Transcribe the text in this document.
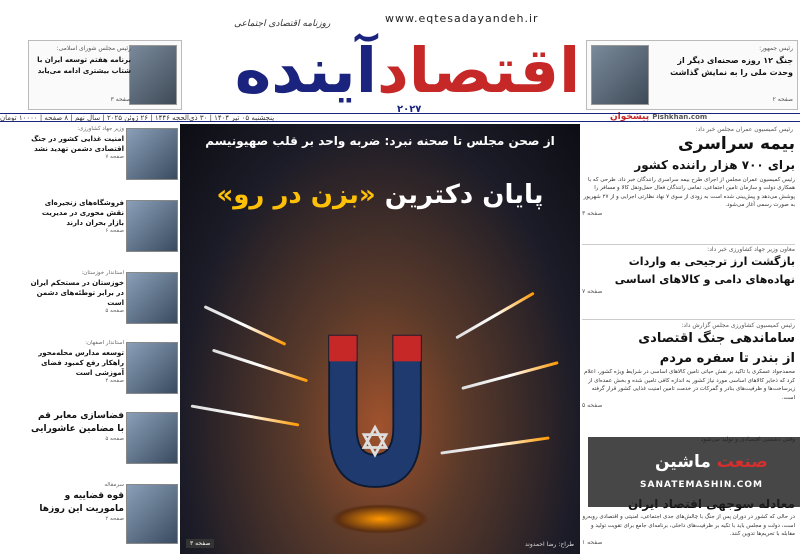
www.eqtesadayandeh.ir
روزنامه اقتصادی اجتماعی
آینده اقتصاد
۲۰۲۷
پیشخوان Pishkhan.com
پنجشنبه ۰۵ تیر ۱۴۰۴ | ۳۰ ذی‌الحجه ۱۴۴۶ | ۲۶ ژوئن ۲۰۲۵ | سال نهم | ۸ صفحه | ۱۰۰۰۰ تومان
رئیس جمهور:
جنگ ۱۲ روزه صحنه‌ای دیگر از وحدت ملی را به نمایش گذاشت
صفحه ۲
رئیس مجلس شورای اسلامی:
برنامه هفتم توسعه ایران با شتاب بیشتری ادامه می‌یابد
صفحه ۳
از صحن مجلس تا صحنه نبرد: ضربه واحد بر قلب صهیونیسم
پایان دکترین «بزن در رو»
صفحه ۳	طراح: رضا احمدوند
رئیس کمیسیون عمران مجلس خبر داد:
بیمه سراسری
برای ۷۰۰ هزار راننده کشور
رئیس کمیسیون عمران مجلس از اجرای طرح بیمه سراسری رانندگان خبر داد. طرحی که با همکاری دولت و سازمان تامین اجتماعی، تمامی رانندگان فعال حمل‌ونقل کالا و مسافر را پوشش می‌دهد و پیش‌بینی شده است به زودی از سوی ۷ نهاد نظارتی اجرایی و از ۲۷ شهریور به صورت رسمی آغاز می‌شود.
صفحه ۳
معاون وزیر جهاد کشاورزی خبر داد:
بازگشت ارز ترجیحی به واردات
نهاده‌های دامی و کالاهای اساسی
صفحه ۷
رئیس کمیسیون کشاورزی مجلس گزارش داد:
ساماندهی جنگ اقتصادی
از بندر تا سفره مردم
محمدجواد عسکری با تاکید بر نقش حیاتی تامین کالاهای اساسی در شرایط ویژه کشور، اعلام کرد که ذخایر کالاهای اساسی مورد نیاز کشور به اندازه کافی تامین شده و بخش عمده‌ای از زیرساخت‌ها و ظرفیت‌های بنادر و گمرکات در خدمت تامین امنیت غذایی کشور قرار گرفته است.
صفحه ۵
در حالی که کشور در دوران پس از جنگ با چالش‌های جدی اجتماعی، امنیتی و اقتصادی روبه‌رو است، دولت و مجلس باید با تکیه بر ظرفیت‌های داخلی، برنامه‌ای جامع برای تقویت تولید و مقابله با تحریم‌ها تدوین کنند.
صفحه ۱
وزیر جهاد کشاورزی:
امنیت غذایی کشور در جنگ اقتصادی دشمن تهدید نشد
صفحه ۷
فروشگاه‌های زنجیره‌ای نقش محوری در مدیریت بازار بحران دارند
صفحه ۶
استاندار خوزستان:
خوزستان در مستحکم ایران در برابر توطئه‌های دشمن است
صفحه ۵
استاندار اصفهان:
توسعه مدارس محله‌محور راهکار رفع کمبود فضای آموزشی است
صفحه ۴
فضاسازی معابر قم با مضامین عاشورایی
صفحه ۵
سرمقاله
قوه قضاییه و ماموریت این روزها
صفحه ۲
صنعت ماشین
SANATEMASHIN.COM
